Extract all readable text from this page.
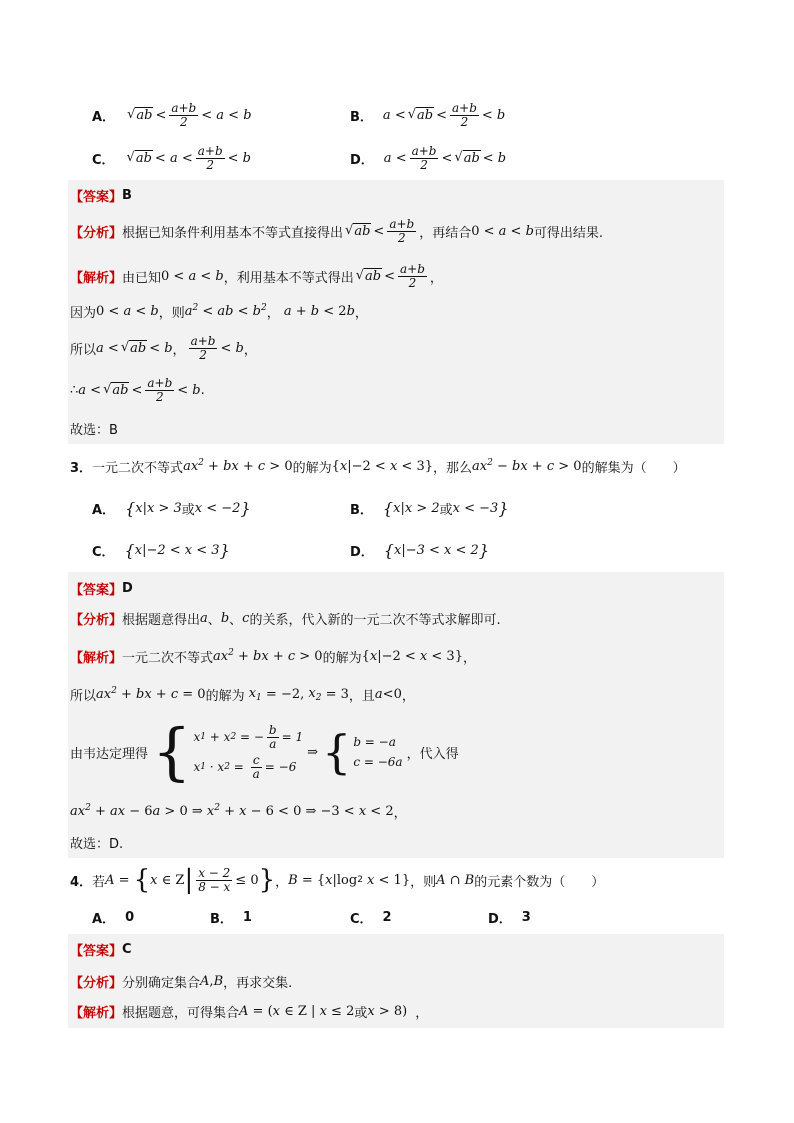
A． √ ab < $\frac{a+b}{2} < a < b$	B． a < √ ab < $\frac{a+b}{2} < b$
C． √ ab < $a < \frac{a+b}{2} < b$	D． $a < \frac{a+b}{2}$ < √ ab < b
【答案】 B
【分析】 根据已知条件利用基本不等式直接得出 √ ab < $\frac{a+b}{2}$ ，再结合 0 < a < b 可得出结果.
【解析】 由已知 0 < a < b ，利用基本不等式得出 √ ab < $\frac{a+b}{2}$ ，
因为 0 < a < b ，则 $a^2$ < ab < $b^2$ ， a + b < 2 b ，
所以 a < √ ab < b ， $\frac{a+b}{2} < b$ ，
∴ a < √ ab < $\frac{a+b}{2} < b$ .
故选：B
3． 一元二次不等式 $ax^2$ + bx + c > 0 的解为 { x |−2 < x < 3} ，那么 $ax^2$ − bx + c > 0 的解集为（　　）
A． { x | x > 3 或 x < −2 }	B． { x | x > 2 或 x < −3 }
C． { x |−2 < x < 3 }	D． { x |−3 < x < 2 }
【答案】 D
【分析】 根据题意得出 a 、 b 、 c 的关系，代入新的一元二次不等式求解即可.
【解析】 一元二次不等式 $ax^2$ + bx + c > 0 的解为 { x |−2 < x < 3} ，
所以 $ax^2$ + bx + c = 0 的解为 $x_1 = -2$, $x_2 = 3$ ，且 a <0 ，
由韦达定理得 { x 1 + x 2 = − $\frac{b}{a} = 1$
x 1 · x $2 = \frac{c}{a} = -6$
⇒ { b = −a
c = −6a
，代入得
$ax^2$ + ax − 6 a > 0 ⇒ $x^2 + x - 6 < 0$ ⇒ −3 < x < 2 ，
故选：D.
4． 若 A = { x ∈ Z | $\frac{x - 2}{8 - x} \le 0$ } ， B = { x |log 2 x < 1} ，则 A ∩ B 的元素个数为（　　）
A． 0	B． 1	C． 2	D． 3
【答案】 C
【分析】 分别确定集合 A , B ，再求交集.
【解析】 根据题意，可得集合 A = ( x ∈ Z | x ≤ 2 或 x > 8) ，
